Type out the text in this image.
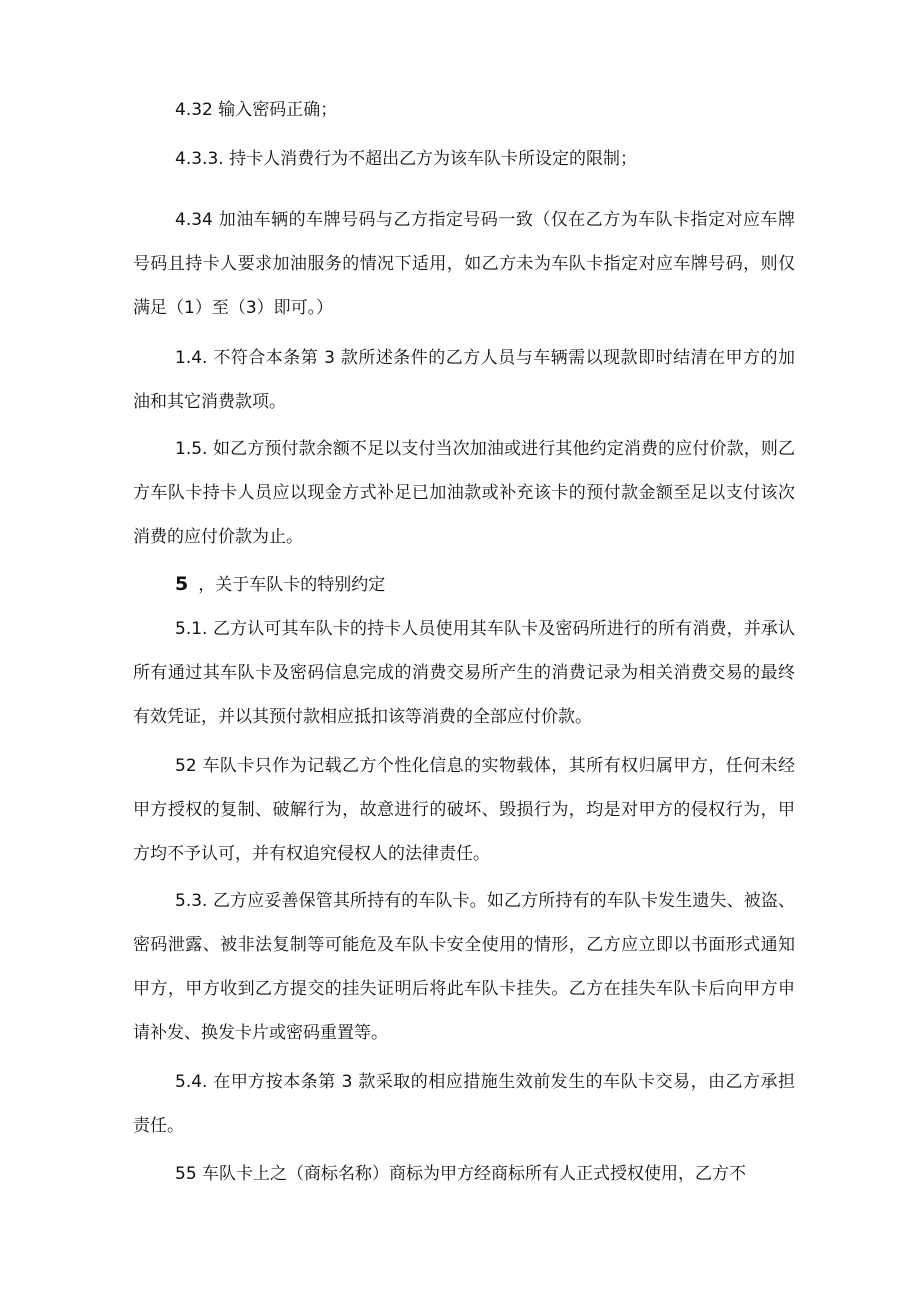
4.32 输入密码正确；

4.3.3. 持卡人消费行为不超出乙方为该车队卡所设定的限制；

4.34 加油车辆的车牌号码与乙方指定号码一致（仅在乙方为车队卡指定对应车牌号码且持卡人要求加油服务的情况下适用，如乙方未为车队卡指定对应车牌号码，则仅满足（1）至（3）即可。）

1.4. 不符合本条第 3 款所述条件的乙方人员与车辆需以现款即时结清在甲方的加油和其它消费款项。

1.5. 如乙方预付款余额不足以支付当次加油或进行其他约定消费的应付价款，则乙方车队卡持卡人员应以现金方式补足已加油款或补充该卡的预付款金额至足以支付该次消费的应付价款为止。

5 ，关于车队卡的特别约定

5.1. 乙方认可其车队卡的持卡人员使用其车队卡及密码所进行的所有消费，并承认所有通过其车队卡及密码信息完成的消费交易所产生的消费记录为相关消费交易的最终有效凭证，并以其预付款相应抵扣该等消费的全部应付价款。

52 车队卡只作为记载乙方个性化信息的实物载体，其所有权归属甲方，任何未经甲方授权的复制、破解行为，故意进行的破坏、毁损行为，均是对甲方的侵权行为，甲方均不予认可，并有权追究侵权人的法律责任。

5.3. 乙方应妥善保管其所持有的车队卡。如乙方所持有的车队卡发生遗失、被盗、密码泄露、被非法复制等可能危及车队卡安全使用的情形，乙方应立即以书面形式通知甲方，甲方收到乙方提交的挂失证明后将此车队卡挂失。乙方在挂失车队卡后向甲方申请补发、换发卡片或密码重置等。

5.4. 在甲方按本条第 3 款采取的相应措施生效前发生的车队卡交易，由乙方承担责任。

55 车队卡上之（商标名称）商标为甲方经商标所有人正式授权使用，乙方不
